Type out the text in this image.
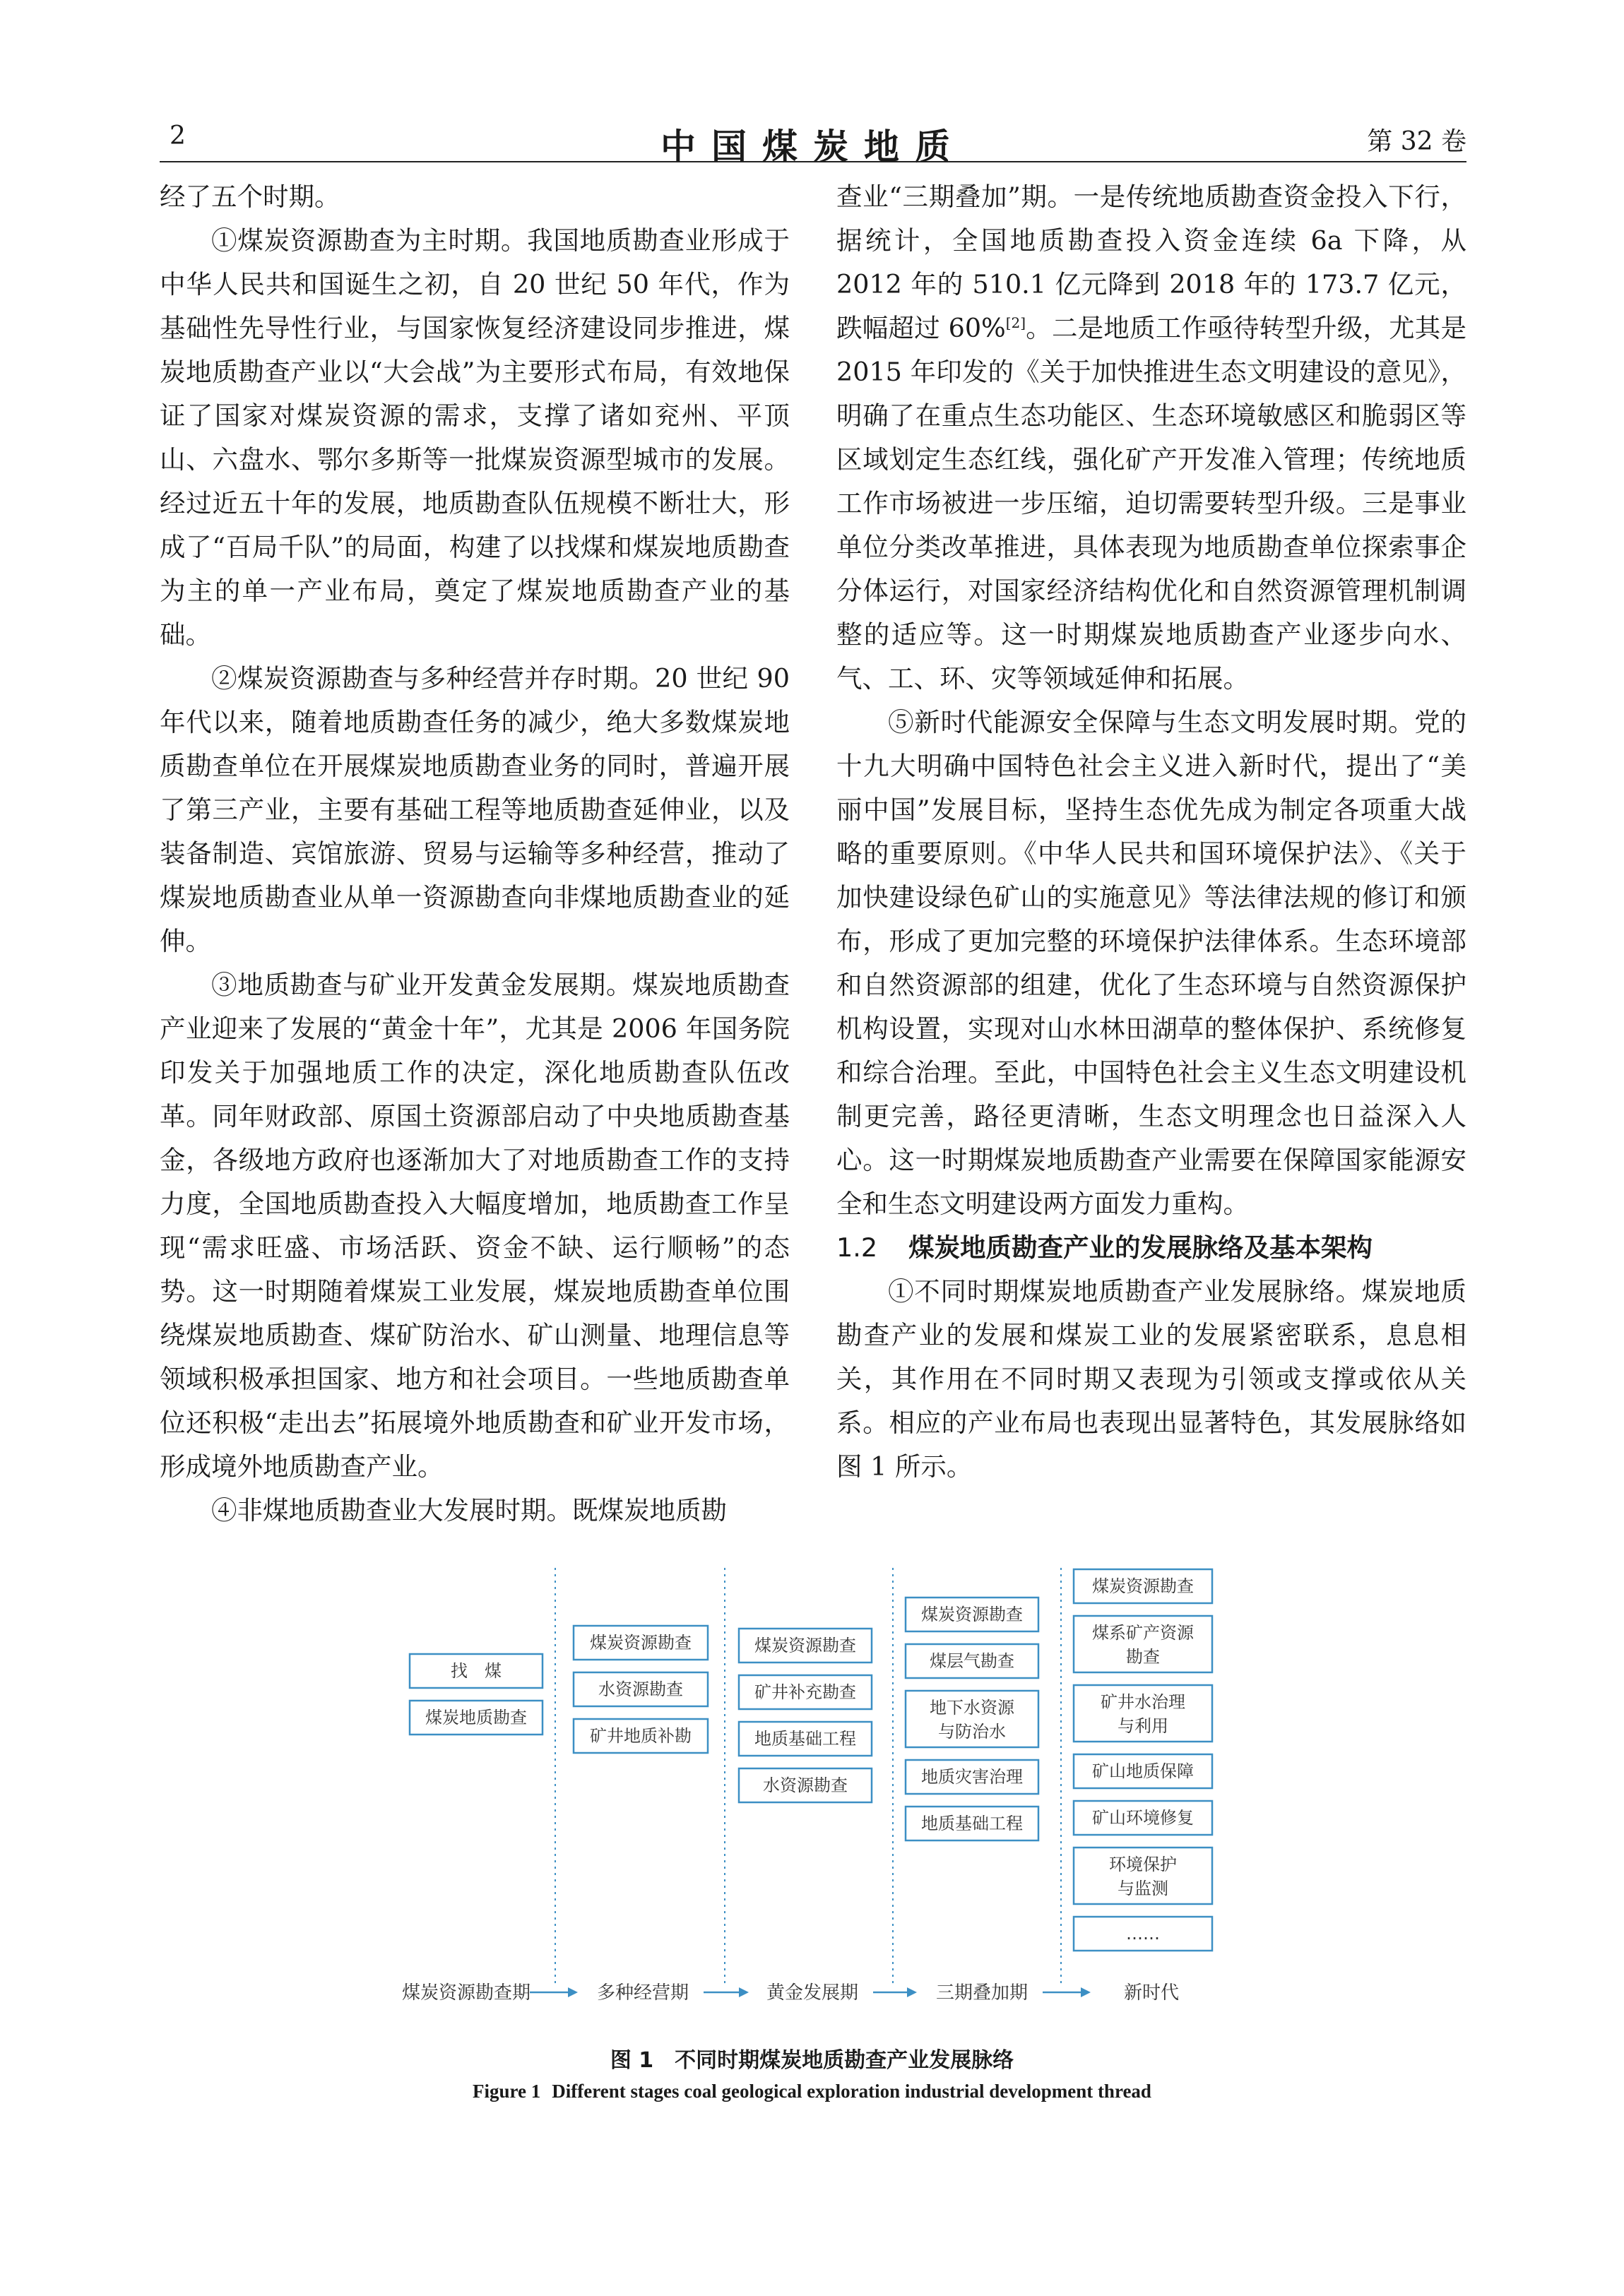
2	中国煤炭地质	第 32 卷

经了五个时期。

①煤炭资源勘查为主时期。我国地质勘查业形成于中华人民共和国诞生之初，自 20 世纪 50 年代，作为基础性先导性行业，与国家恢复经济建设同步推进，煤炭地质勘查产业以“大会战”为主要形式布局，有效地保证了国家对煤炭资源的需求，支撑了诸如兖州、平顶山、六盘水、鄂尔多斯等一批煤炭资源型城市的发展。经过近五十年的发展，地质勘查队伍规模不断壮大，形成了“百局千队”的局面，构建了以找煤和煤炭地质勘查为主的单一产业布局，奠定了煤炭地质勘查产业的基础。

②煤炭资源勘查与多种经营并存时期。20 世纪 90 年代以来，随着地质勘查任务的减少，绝大多数煤炭地质勘查单位在开展煤炭地质勘查业务的同时，普遍开展了第三产业，主要有基础工程等地质勘查延伸业，以及装备制造、宾馆旅游、贸易与运输等多种经营，推动了煤炭地质勘查业从单一资源勘查向非煤地质勘查业的延伸。

③地质勘查与矿业开发黄金发展期。煤炭地质勘查产业迎来了发展的“黄金十年”，尤其是 2006 年国务院印发关于加强地质工作的决定，深化地质勘查队伍改革。同年财政部、原国土资源部启动了中央地质勘查基金，各级地方政府也逐渐加大了对地质勘查工作的支持力度，全国地质勘查投入大幅度增加，地质勘查工作呈现“需求旺盛、市场活跃、资金不缺、运行顺畅”的态势。这一时期随着煤炭工业发展，煤炭地质勘查单位围绕煤炭地质勘查、煤矿防治水、矿山测量、地理信息等领域积极承担国家、地方和社会项目。一些地质勘查单位还积极“走出去”拓展境外地质勘查和矿业开发市场，形成境外地质勘查产业。

④非煤地质勘查业大发展时期。既煤炭地质勘

查业“三期叠加”期。一是传统地质勘查资金投入下行，据统计，全国地质勘查投入资金连续 6a 下降，从 2012 年的 510.1 亿元降到 2018 年的 173.7 亿元，跌幅超过 60%[2]。二是地质工作亟待转型升级，尤其是 2015 年印发的《关于加快推进生态文明建设的意见》，明确了在重点生态功能区、生态环境敏感区和脆弱区等区域划定生态红线，强化矿产开发准入管理；传统地质工作市场被进一步压缩，迫切需要转型升级。三是事业单位分类改革推进，具体表现为地质勘查单位探索事企分体运行，对国家经济结构优化和自然资源管理机制调整的适应等。这一时期煤炭地质勘查产业逐步向水、气、工、环、灾等领域延伸和拓展。

⑤新时代能源安全保障与生态文明发展时期。党的十九大明确中国特色社会主义进入新时代，提出了“美丽中国”发展目标，坚持生态优先成为制定各项重大战略的重要原则。《中华人民共和国环境保护法》、《关于加快建设绿色矿山的实施意见》等法律法规的修订和颁布，形成了更加完整的环境保护法律体系。生态环境部和自然资源部的组建，优化了生态环境与自然资源保护机构设置，实现对山水林田湖草的整体保护、系统修复和综合治理。至此，中国特色社会主义生态文明建设机制更完善，路径更清晰，生态文明理念也日益深入人心。这一时期煤炭地质勘查产业需要在保障国家能源安全和生态文明建设两方面发力重构。

1.2 煤炭地质勘查产业的发展脉络及基本架构

①不同时期煤炭地质勘查产业发展脉络。煤炭地质勘查产业的发展和煤炭工业的发展紧密联系，息息相关，其作用在不同时期又表现为引领或支撑或依从关系。相应的产业布局也表现出显著特色，其发展脉络如图 1 所示。

找　煤
煤炭地质勘查
煤炭资源勘查期
煤炭资源勘查
水资源勘查
矿井地质补勘
多种经营期
煤炭资源勘查
矿井补充勘查
地质基础工程
水资源勘查
黄金发展期
煤炭资源勘查
煤层气勘查
地下水资源
与防治水
地质灾害治理
地质基础工程
三期叠加期
煤炭资源勘查
煤系矿产资源
勘查
矿井水治理
与利用
矿山地质保障
矿山环境修复
环境保护
与监测
……
新时代
图 1 不同时期煤炭地质勘查产业发展脉络
Figure 1 Different stages coal geological exploration industrial development thread
